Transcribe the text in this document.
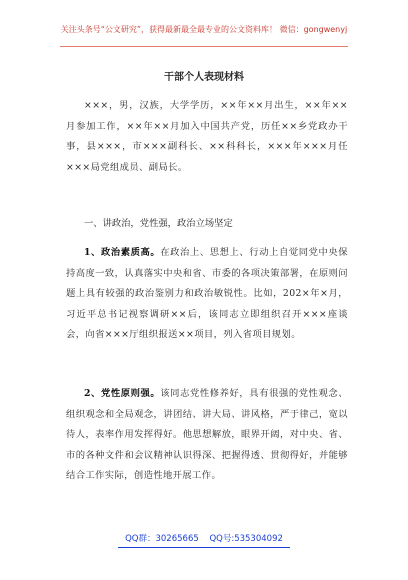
关注头条号“公文研究”，获得最新最全最专业的公文资料库！ 微信：gongwenyj
干部个人表现材料
×××，男，汉族，大学学历，××年××月出生，××年××月参加工作，××年××月加入中国共产党，历任××乡党政办干事，县×××，市×××副科长、××科科长，×××年×××月任×××局党组成员、副局长。
一、讲政治，党性强，政治立场坚定
1、政治素质高。在政治上、思想上、行动上自觉同党中央保持高度一致，认真落实中央和省、市委的各项决策部署，在原则问题上具有较强的政治鉴别力和政治敏锐性。比如，202×年×月，习近平总书记视察调研××后，该同志立即组织召开×××座谈会，向省×××厅组织报送××项目，列入省项目规划。
2、党性原则强。该同志党性修养好，具有很强的党性观念、组织观念和全局观念，讲团结、讲大局、讲风格，严于律己，宽以待人，表率作用发挥得好。他思想解放，眼界开阔，对中央、省、市的各种文件和会议精神认识得深、把握得透、贯彻得好，并能够结合工作实际，创造性地开展工作。
QQ群：30265665 QQ号:535304092
